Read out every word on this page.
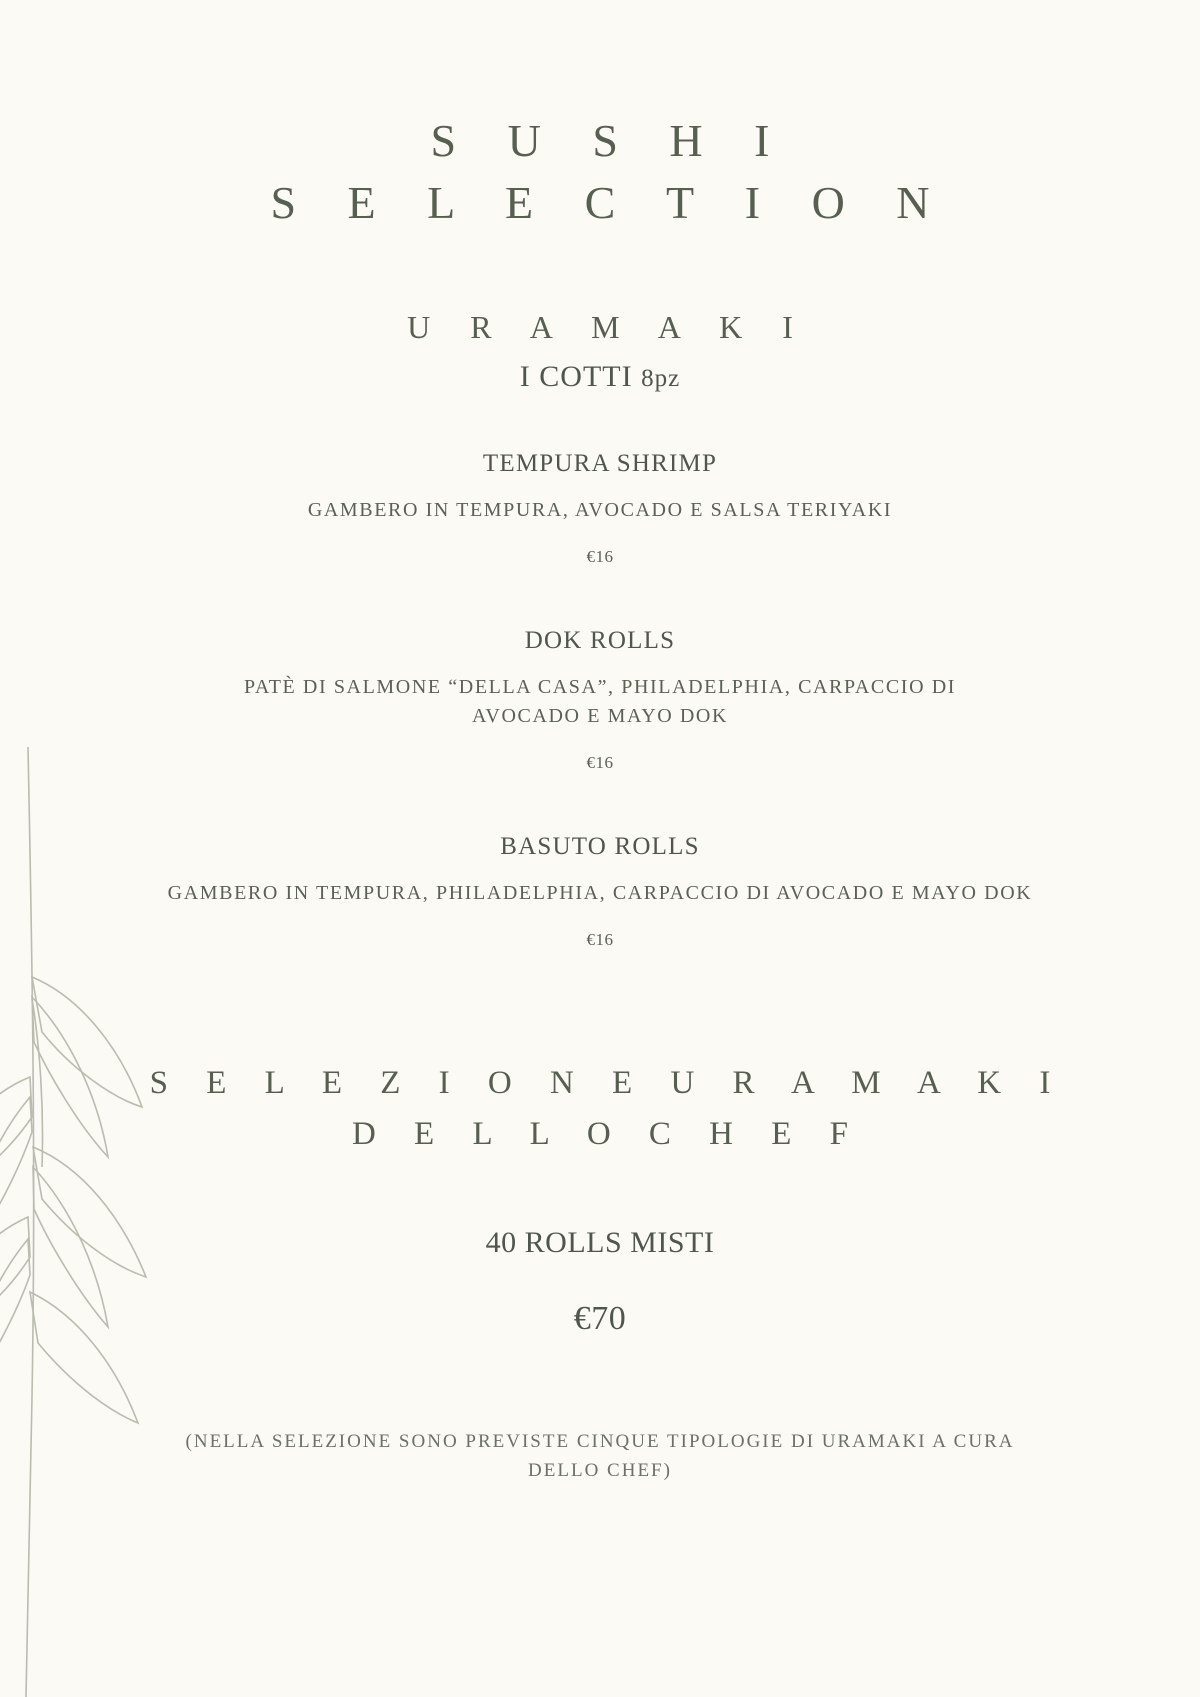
S U S H I
S E L E C T I O N
U R A M A K I
I COTTI 8pz
TEMPURA SHRIMP
GAMBERO IN TEMPURA, AVOCADO E SALSA TERIYAKI
€16
DOK ROLLS
PATÈ DI SALMONE “DELLA CASA”, PHILADELPHIA, CARPACCIO DI AVOCADO E MAYO DOK
€16
BASUTO ROLLS
GAMBERO IN TEMPURA, PHILADELPHIA, CARPACCIO DI AVOCADO E MAYO DOK
€16
S E L E Z I O N E U R A M A K I
D E L L O C H E F
40 ROLLS MISTI
€70
(NELLA SELEZIONE SONO PREVISTE CINQUE TIPOLOGIE DI URAMAKI A CURA DELLO CHEF)
